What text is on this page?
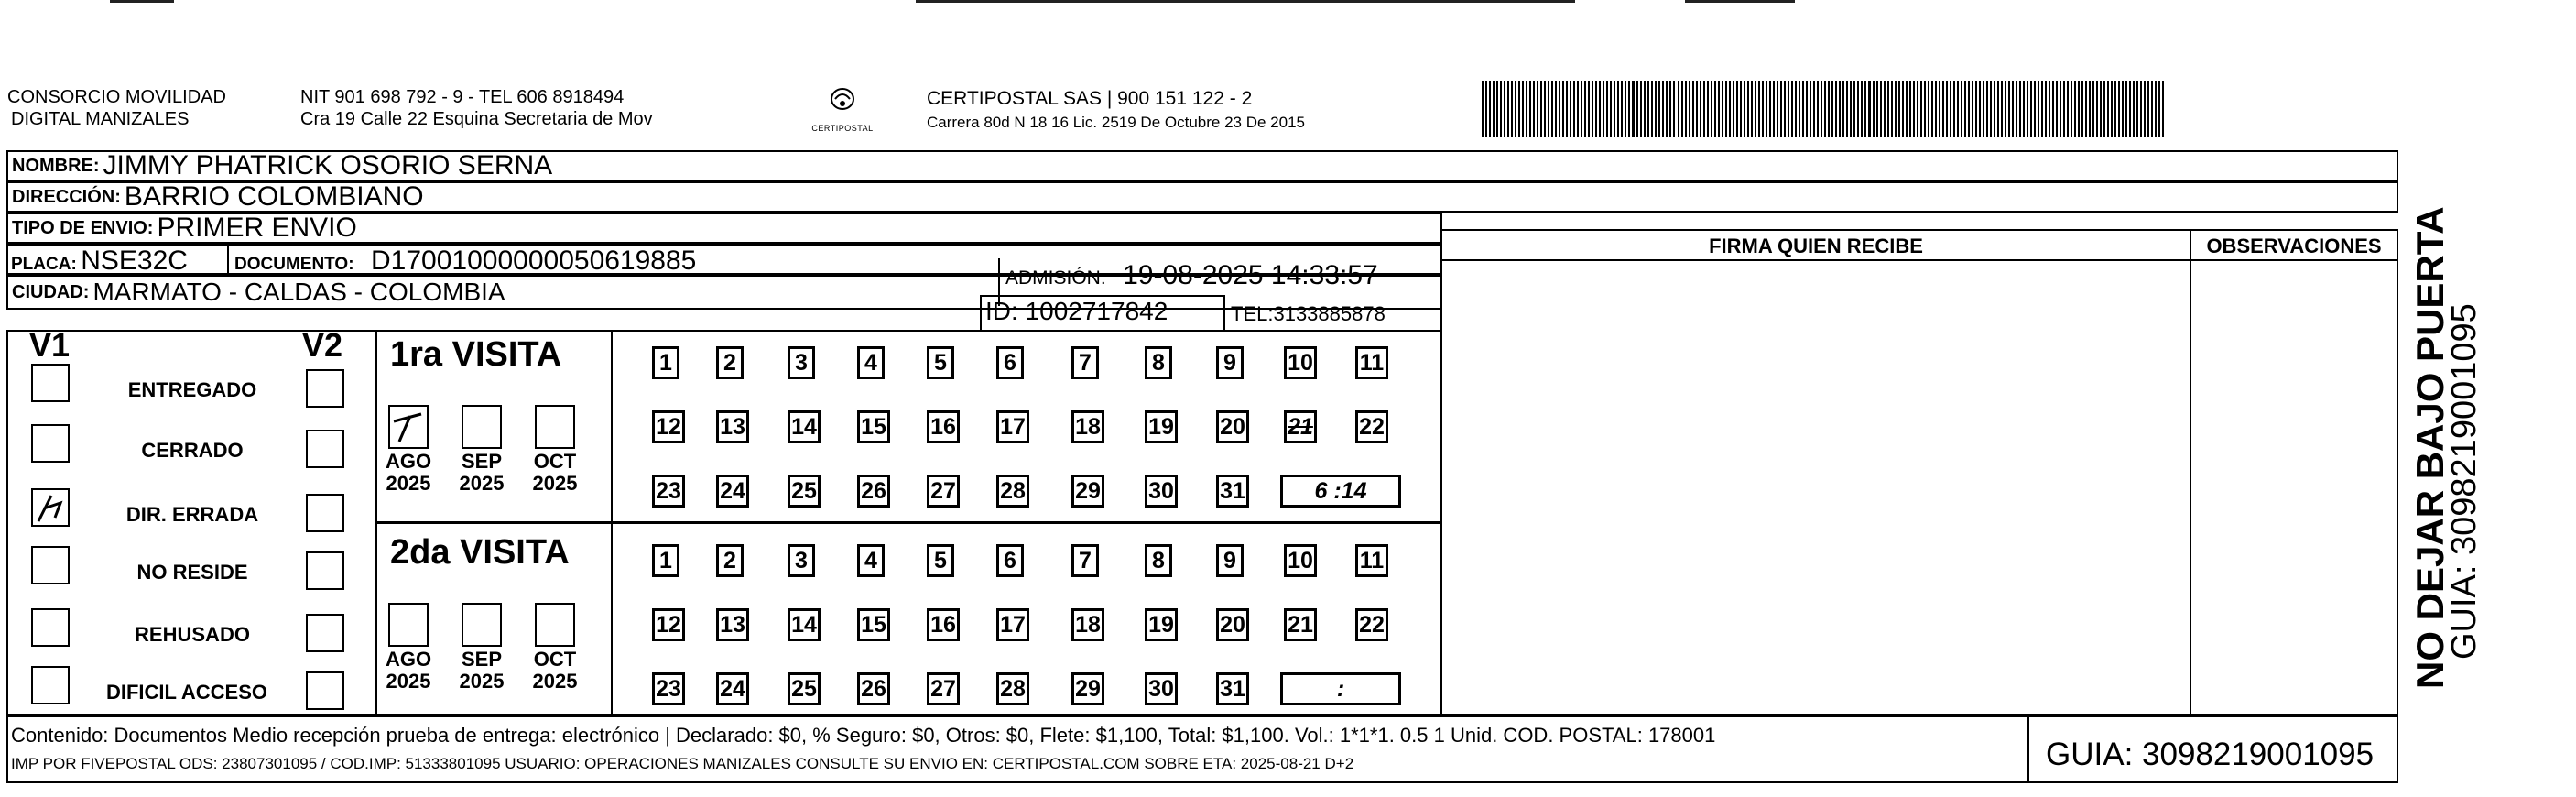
CONSORCIO MOVILIDAD
DIGITAL MANIZALES
NIT 901 698 792 - 9 - TEL 606 8918494
Cra 19 Calle 22 Esquina Secretaria de Mov	CERTIPOSTAL
CERTIPOSTAL SAS | 900 151 122 - 2
Carrera 80d N 18 16 Lic. 2519 De Octubre 23 De 2015
NOMBRE: JIMMY PHATRICK OSORIO SERNA
DIRECCIÓN: BARRIO COLOMBIANO
TIPO DE ENVIO: PRIMER ENVIO
PLACA: NSE32C	DOCUMENTO: D17001000000050619885
ADMISIÓN: 19-08-2025 14:33:57
CIUDAD: MARMATO - CALDAS - COLOMBIA
ID: 1002717842	TEL:3133885878
FIRMA QUIEN RECIBE	OBSERVACIONES
V1	V2
ENTREGADO
CERRADO
DIR. ERRADA
NO RESIDE
REHUSADO
DIFICIL ACCESO
1ra VISITA
AGO
2025
SEP
2025
OCT
2025
1	2	3	4	5	6	7	8	9	10 11
12 13 14 15 16 17 18 19 20 21 22
23 24 25 26 27 28 29 30 31	6 :14
2da VISITA
AGO
2025
SEP
2025
OCT
2025
1	2	3	4	5	6	7	8	9	10 11
12 13 14 15 16 17 18 19 20 21 22
23 24 25 26 27 28 29 30 31	:
Contenido: Documentos Medio recepción prueba de entrega: electrónico | Declarado: $0, % Seguro: $0, Otros: $0, Flete: $1,100, Total: $1,100. Vol.: 1*1*1. 0.5 1 Unid. COD. POSTAL: 178001
IMP POR FIVEPOSTAL ODS: 23807301095 / COD.IMP: 51333801095 USUARIO: OPERACIONES MANIZALES CONSULTE SU ENVIO EN: CERTIPOSTAL.COM SOBRE ETA: 2025-08-21 D+2	GUIA: 3098219001095
NO DEJAR BAJO PUERTA
GUIA: 3098219001095
